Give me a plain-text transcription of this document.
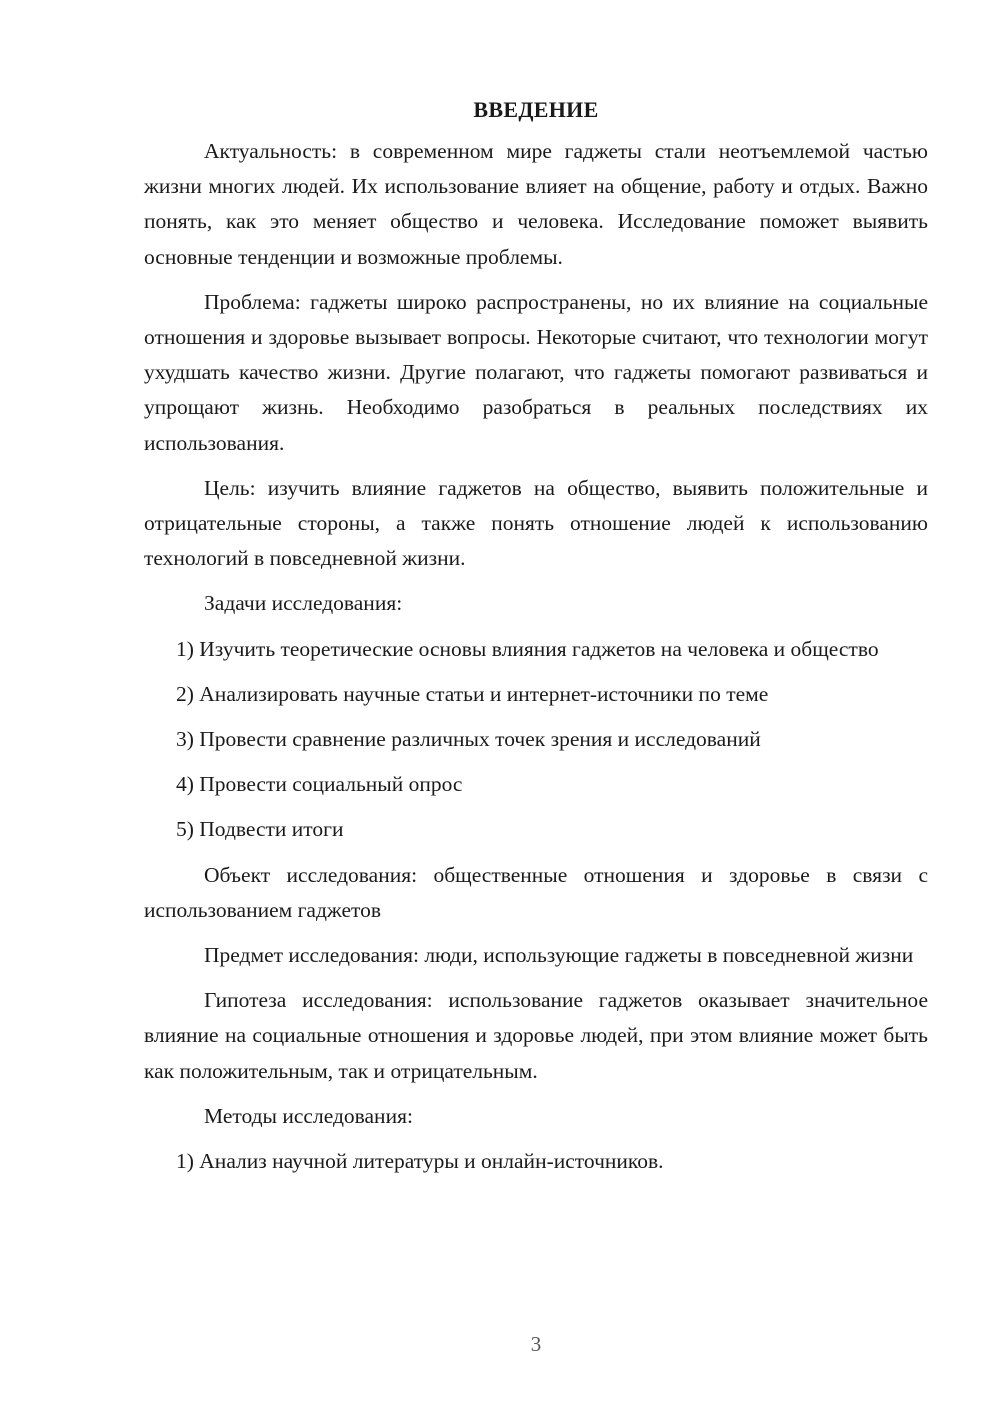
ВВЕДЕНИЕ

Актуальность: в современном мире гаджеты стали неотъемлемой частью жизни многих людей. Их использование влияет на общение, работу и отдых. Важно понять, как это меняет общество и человека. Исследование поможет выявить основные тенденции и возможные проблемы.

Проблема: гаджеты широко распространены, но их влияние на социальные отношения и здоровье вызывает вопросы. Некоторые считают, что технологии могут ухудшать качество жизни. Другие полагают, что гаджеты помогают развиваться и упрощают жизнь. Необходимо разобраться в реальных последствиях их использования.

Цель: изучить влияние гаджетов на общество, выявить положительные и отрицательные стороны, а также понять отношение людей к использованию технологий в повседневной жизни.

Задачи исследования:

1) Изучить теоретические основы влияния гаджетов на человека и общество

2) Анализировать научные статьи и интернет-источники по теме

3) Провести сравнение различных точек зрения и исследований

4) Провести социальный опрос

5) Подвести итоги

Объект исследования: общественные отношения и здоровье в связи с использованием гаджетов

Предмет исследования: люди, использующие гаджеты в повседневной жизни

Гипотеза исследования: использование гаджетов оказывает значительное влияние на социальные отношения и здоровье людей, при этом влияние может быть как положительным, так и отрицательным.

Методы исследования:

1) Анализ научной литературы и онлайн-источников.

3
